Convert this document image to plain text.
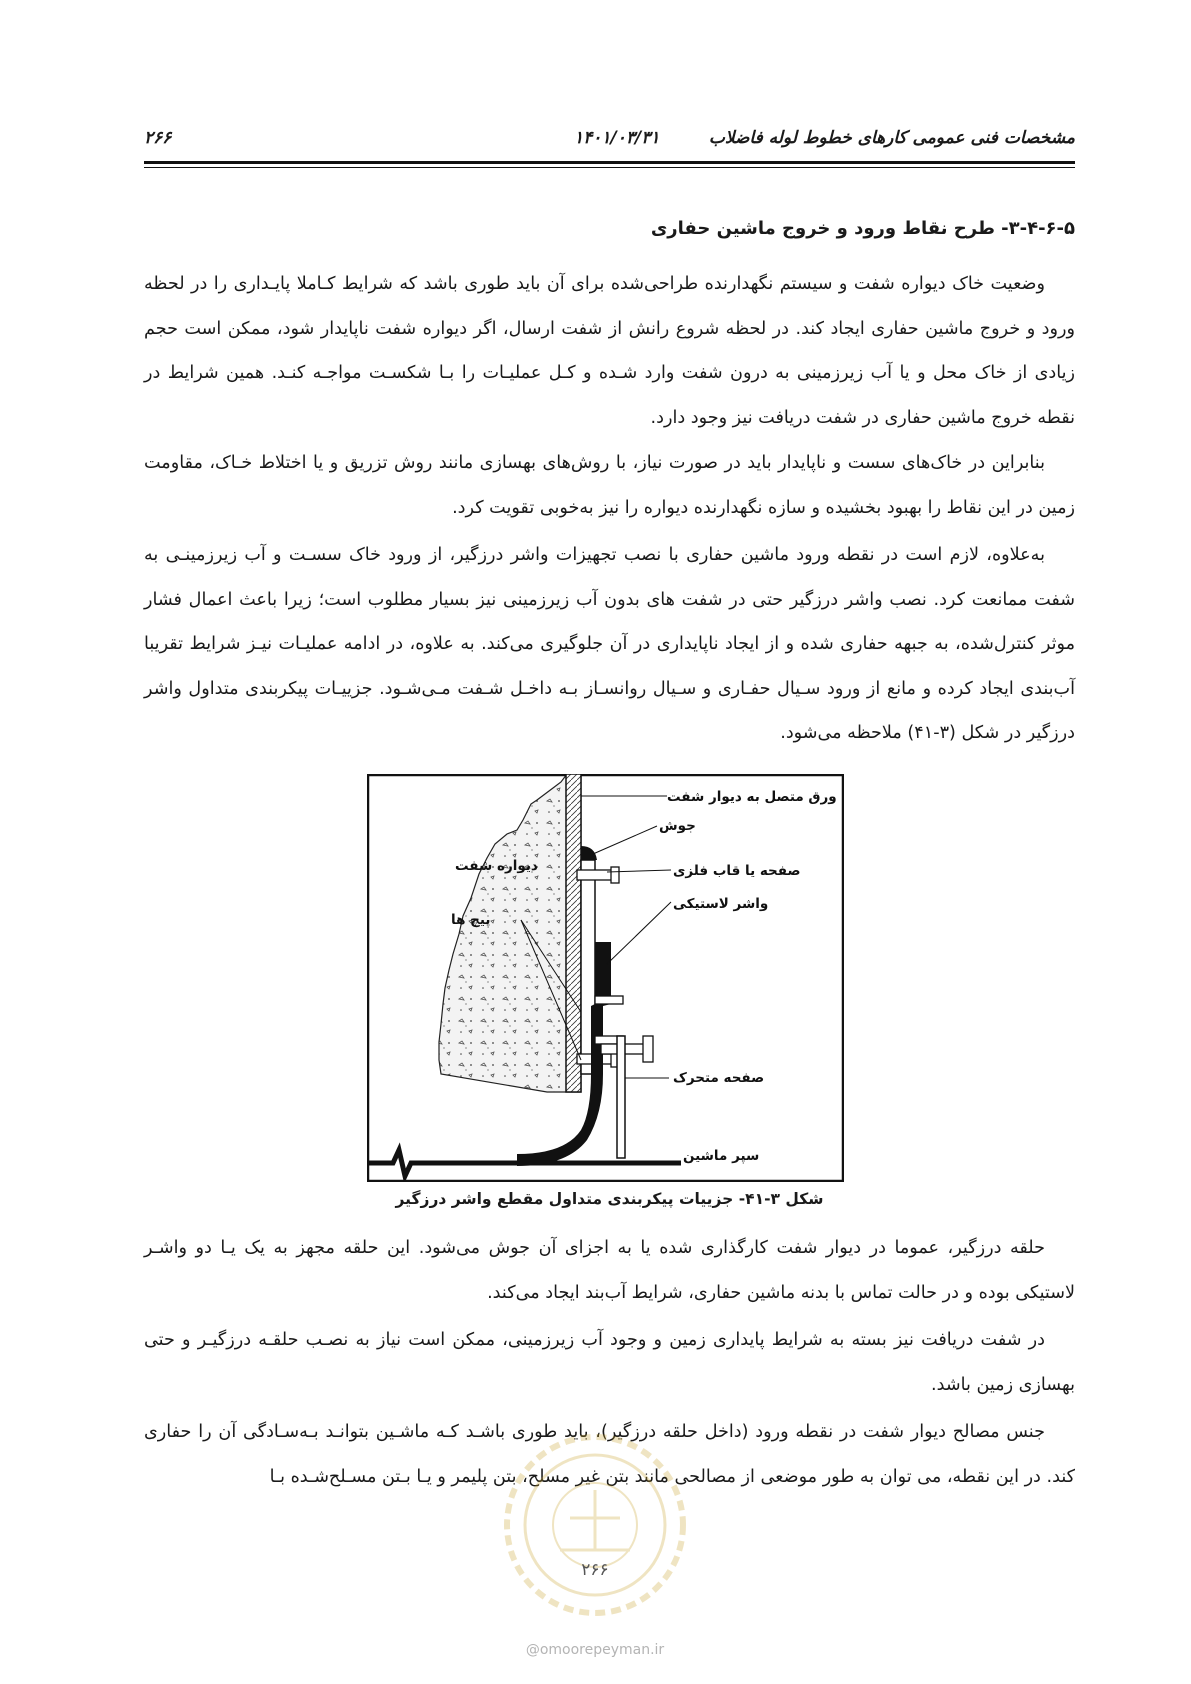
۲۶۶	۱۴۰۱/۰۳/۳۱	مشخصات فنی عمومی کارهای خطوط لوله فاضلاب
۳-۴-۶-۵- طرح نقاط ورود و خروج ماشین حفاری

وضعیت خاک دیواره شفت و سیستم نگهدارنده طراحی‌شده برای آن باید طوری باشد که شرایط کـاملا پایـداری را در لحظه ورود و خروج ماشین حفاری ایجاد کند. در لحظه شروع رانش از شفت ارسال، اگر دیواره شفت ناپایدار شود، ممکن است حجم زیادی از خاک محل و یا آب زیرزمینی به درون شفت وارد شـده و کـل عملیـات را بـا شکسـت مواجـه کنـد. همین شرایط در نقطه خروج ماشین حفاری در شفت دریافت نیز وجود دارد.

بنابراین در خاک‌های سست و ناپایدار باید در صورت نیاز، با روش‌های بهسازی مانند روش تزریق و یا اختلاط خـاک، مقاومت زمین در این نقاط را بهبود بخشیده و سازه نگهدارنده دیواره را نیز به‌خوبی تقویت کرد.

به‌علاوه، لازم است در نقطه ورود ماشین حفاری با نصب تجهیزات واشر درزگیر، از ورود خاک سسـت و آب زیرزمینـی به شفت ممانعت کرد. نصب واشر درزگیر حتی در شفت های بدون آب زیرزمینی نیز بسیار مطلوب است؛ زیرا باعث اعمال فشار موثر کنترل‌شده، به جبهه حفاری شده و از ایجاد ناپایداری در آن جلوگیری می‌کند. به علاوه، در ادامه عملیـات نیـز شرایط تقریبا آب‌بندی ایجاد کرده و مانع از ورود سـیال حفـاری و سـیال روانسـاز بـه داخـل شـفت مـی‌شـود. جزییـات پیکربندی متداول واشر درزگیر در شکل (۳-۴۱) ملاحظه می‌شود.

ورق متصل به دیوار شفت
جوش
صفحه یا قاب فلزی
واشر لاستیکی
دیواره شفت
پیچ ها
صفحه متحرک
سپر ماشین
شکل ۳-۴۱- جزییات پیکربندی متداول مقطع واشر درزگیر

حلقه درزگیر، عموما در دیوار شفت کارگذاری شده یا به اجزای آن جوش می‌شود. این حلقه مجهز به یک یـا دو واشـر لاستیکی بوده و در حالت تماس با بدنه ماشین حفاری، شرایط آب‌بند ایجاد می‌کند.

در شفت دریافت نیز بسته به شرایط پایداری زمین و وجود آب زیرزمینی، ممکن است نیاز به نصـب حلقـه درزگیـر و حتی بهسازی زمین باشد.

جنس مصالح دیوار شفت در نقطه ورود (داخل حلقه درزگیر)، باید طوری باشـد کـه ماشـین بتوانـد بـه‌سـادگی آن را حفاری کند. در این نقطه، می توان به طور موضعی از مصالحی مانند بتن غیر مسلح، بتن پلیمر و یـا بـتن مسـلح‌شـده بـا

۲۶۶
@omoorepeyman.ir
